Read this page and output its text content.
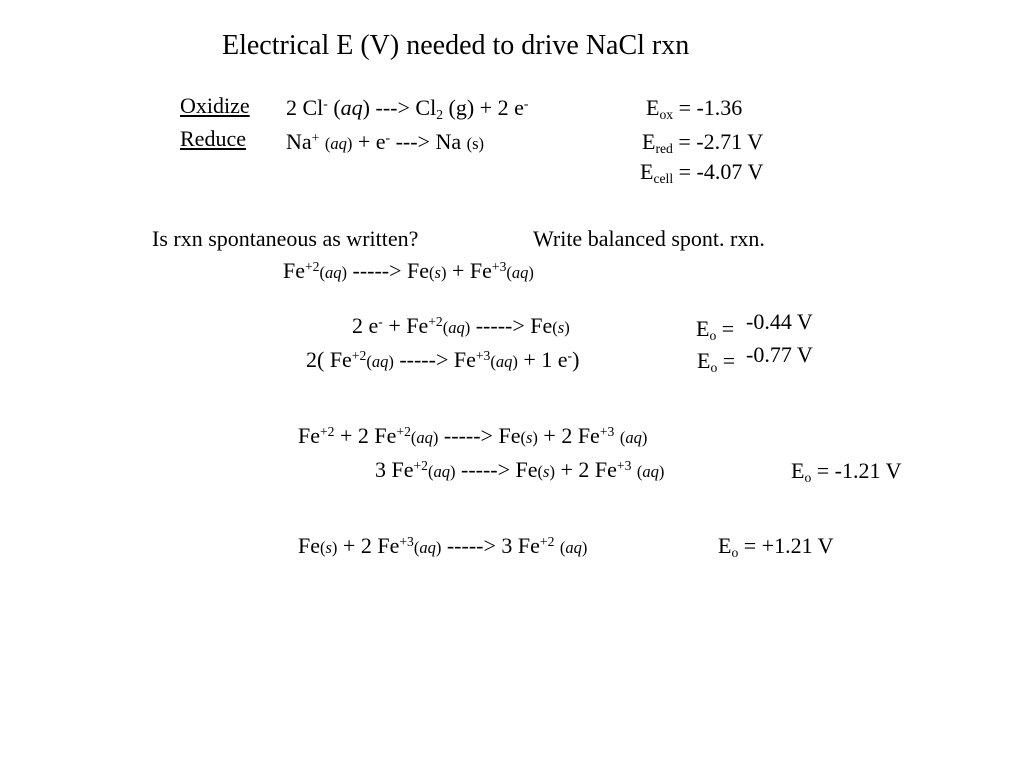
Electrical E (V) needed to drive NaCl rxn
Oxidize
Reduce
2 Cl- (aq) ---> Cl2 (g) + 2 e-	Eox = -1.36
Na+ (aq) + e- ---> Na (s)	Ered = -2.71 V
Ecell = -4.07 V
Is rxn spontaneous as written?	Write balanced spont. rxn.
$Fe^{+2}(aq)$ -----> $Fe(s) + Fe^{+3}(aq)$
2 $e^- + Fe^{+2}(aq)$ -----> Fe(s)	Eo = -0.44 V
2( $Fe^{+2}(aq)$ -----> $Fe^{+3}(aq) + 1$ e-)	Eo = -0.77 V
$Fe^{+2} + 2$ $Fe^{+2}(aq)$ -----> Fe(s) + 2 $Fe^{+3}$ (aq)
3 $Fe^{+2}(aq)$ -----> Fe(s) + 2 $Fe^{+3}$ (aq)	Eo = -1.21 V
Fe(s) + 2 $Fe^{+3}(aq)$ -----> 3 $Fe^{+2}$ (aq)	Eo = +1.21 V
